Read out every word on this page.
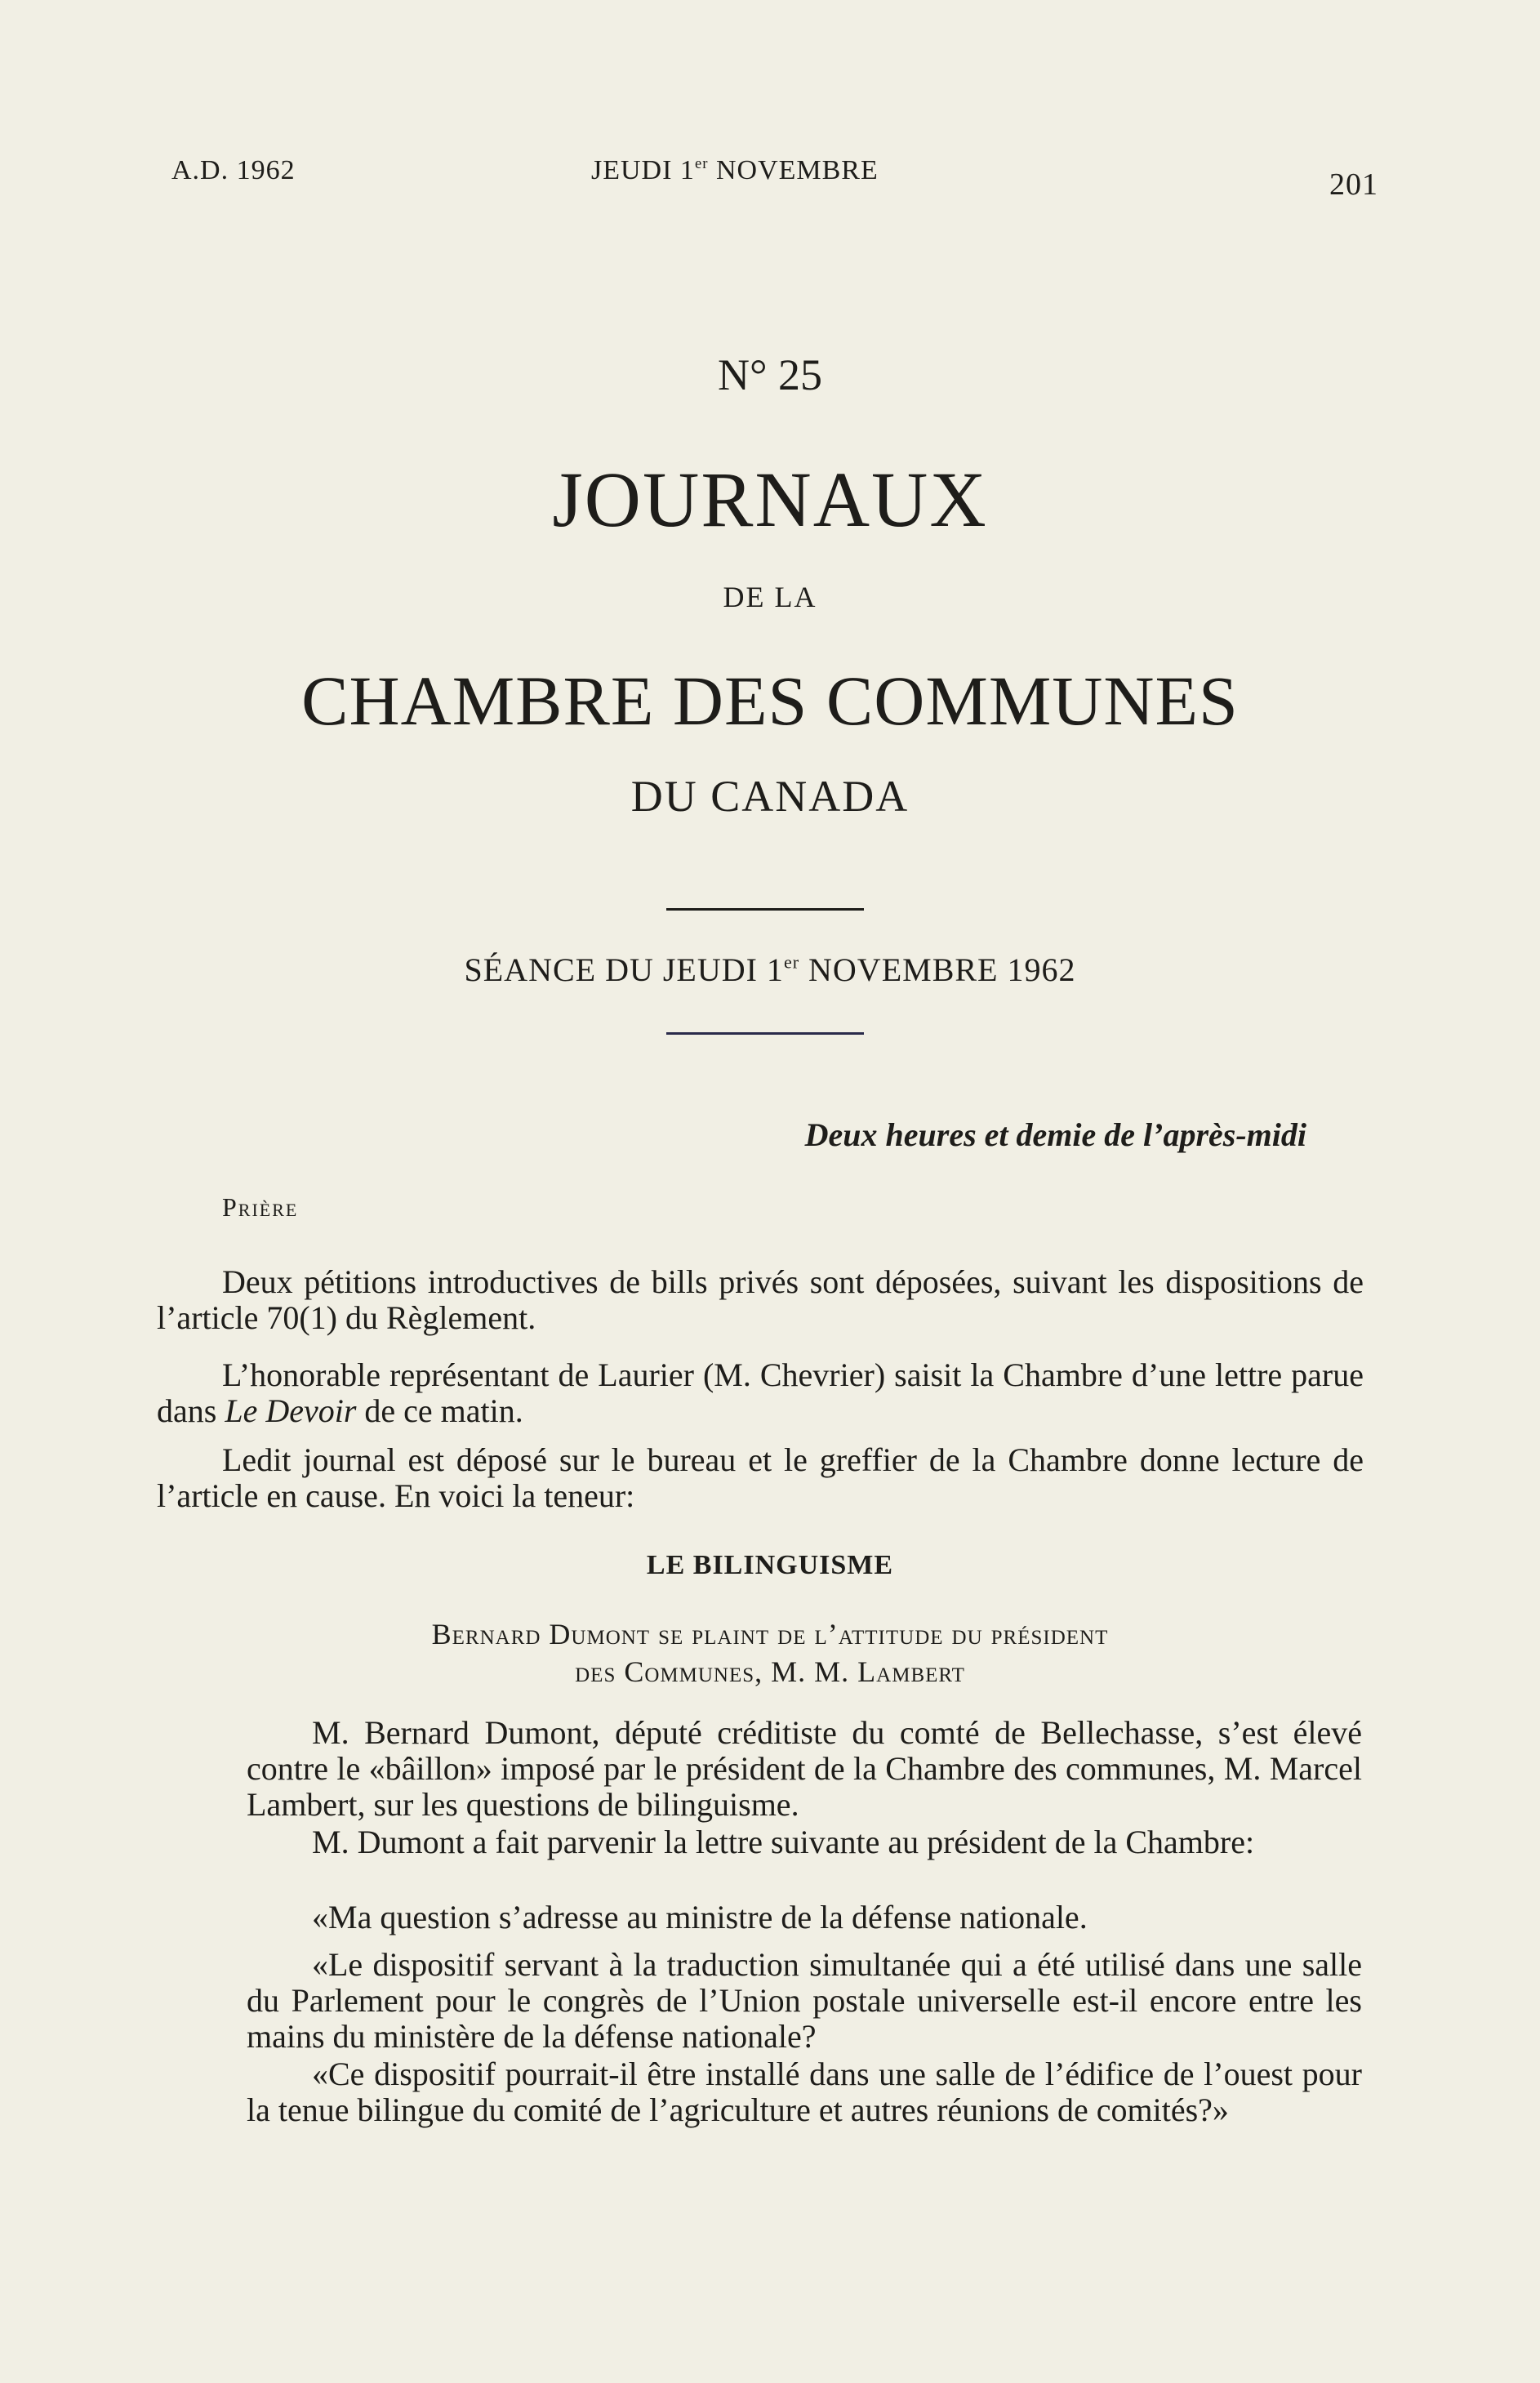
A.D. 1962	JEUDI 1er NOVEMBRE	201
N° 25
JOURNAUX
DE LA
CHAMBRE DES COMMUNES
DU CANADA
SÉANCE DU JEUDI 1er NOVEMBRE 1962
Deux heures et demie de l’après-midi
Prière
Deux pétitions introductives de bills privés sont déposées, suivant les dispositions de l’article 70(1) du Règlement.
L’honorable représentant de Laurier (M. Chevrier) saisit la Chambre d’une lettre parue dans Le Devoir de ce matin.
Ledit journal est déposé sur le bureau et le greffier de la Chambre donne lecture de l’article en cause. En voici la teneur:
LE BILINGUISME
Bernard Dumont se plaint de l’attitude du président
des Communes, M. M. Lambert
M. Bernard Dumont, député créditiste du comté de Bellechasse, s’est élevé contre le «bâillon» imposé par le président de la Chambre des communes, M. Marcel Lambert, sur les questions de bilinguisme.
M. Dumont a fait parvenir la lettre suivante au président de la Chambre:
«Ma question s’adresse au ministre de la défense nationale.
«Le dispositif servant à la traduction simultanée qui a été utilisé dans une salle du Parlement pour le congrès de l’Union postale universelle est-il encore entre les mains du ministère de la défense nationale?
«Ce dispositif pourrait-il être installé dans une salle de l’édifice de l’ouest pour la tenue bilingue du comité de l’agriculture et autres réunions de comités?»
